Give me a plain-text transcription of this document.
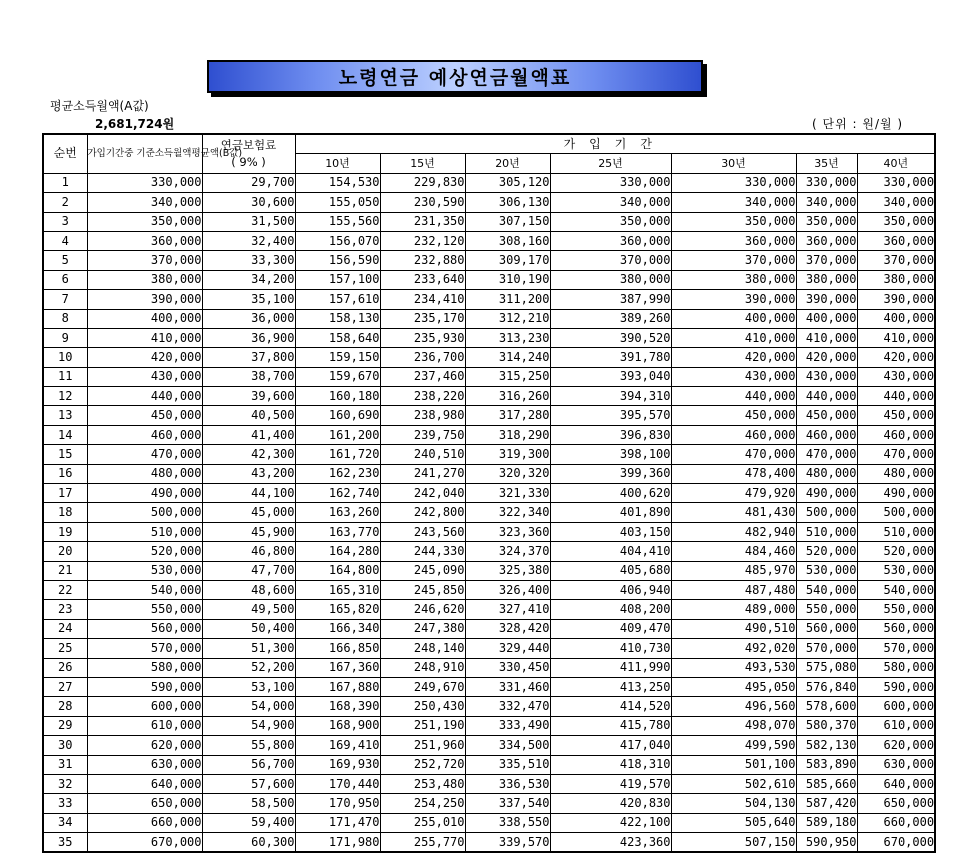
노령연금 예상연금월액표
평균소득월액(A값)
2,681,724원	( 단위 : 원/월 )
순번	가입기간중 기준소득월액평균액(B값)	연금보험료
( 9% )	가입기간						
			10년	15년	20년	25년	30년	35년	40년
1	330,000	29,700	154,530	229,830	305,120	330,000	330,000	330,000	330,000
2	340,000	30,600	155,050	230,590	306,130	340,000	340,000	340,000	340,000
3	350,000	31,500	155,560	231,350	307,150	350,000	350,000	350,000	350,000
4	360,000	32,400	156,070	232,120	308,160	360,000	360,000	360,000	360,000
5	370,000	33,300	156,590	232,880	309,170	370,000	370,000	370,000	370,000
6	380,000	34,200	157,100	233,640	310,190	380,000	380,000	380,000	380,000
7	390,000	35,100	157,610	234,410	311,200	387,990	390,000	390,000	390,000
8	400,000	36,000	158,130	235,170	312,210	389,260	400,000	400,000	400,000
9	410,000	36,900	158,640	235,930	313,230	390,520	410,000	410,000	410,000
10	420,000	37,800	159,150	236,700	314,240	391,780	420,000	420,000	420,000
11	430,000	38,700	159,670	237,460	315,250	393,040	430,000	430,000	430,000
12	440,000	39,600	160,180	238,220	316,260	394,310	440,000	440,000	440,000
13	450,000	40,500	160,690	238,980	317,280	395,570	450,000	450,000	450,000
14	460,000	41,400	161,200	239,750	318,290	396,830	460,000	460,000	460,000
15	470,000	42,300	161,720	240,510	319,300	398,100	470,000	470,000	470,000
16	480,000	43,200	162,230	241,270	320,320	399,360	478,400	480,000	480,000
17	490,000	44,100	162,740	242,040	321,330	400,620	479,920	490,000	490,000
18	500,000	45,000	163,260	242,800	322,340	401,890	481,430	500,000	500,000
19	510,000	45,900	163,770	243,560	323,360	403,150	482,940	510,000	510,000
20	520,000	46,800	164,280	244,330	324,370	404,410	484,460	520,000	520,000
21	530,000	47,700	164,800	245,090	325,380	405,680	485,970	530,000	530,000
22	540,000	48,600	165,310	245,850	326,400	406,940	487,480	540,000	540,000
23	550,000	49,500	165,820	246,620	327,410	408,200	489,000	550,000	550,000
24	560,000	50,400	166,340	247,380	328,420	409,470	490,510	560,000	560,000
25	570,000	51,300	166,850	248,140	329,440	410,730	492,020	570,000	570,000
26	580,000	52,200	167,360	248,910	330,450	411,990	493,530	575,080	580,000
27	590,000	53,100	167,880	249,670	331,460	413,250	495,050	576,840	590,000
28	600,000	54,000	168,390	250,430	332,470	414,520	496,560	578,600	600,000
29	610,000	54,900	168,900	251,190	333,490	415,780	498,070	580,370	610,000
30	620,000	55,800	169,410	251,960	334,500	417,040	499,590	582,130	620,000
31	630,000	56,700	169,930	252,720	335,510	418,310	501,100	583,890	630,000
32	640,000	57,600	170,440	253,480	336,530	419,570	502,610	585,660	640,000
33	650,000	58,500	170,950	254,250	337,540	420,830	504,130	587,420	650,000
34	660,000	59,400	171,470	255,010	338,550	422,100	505,640	589,180	660,000
35	670,000	60,300	171,980	255,770	339,570	423,360	507,150	590,950	670,000
